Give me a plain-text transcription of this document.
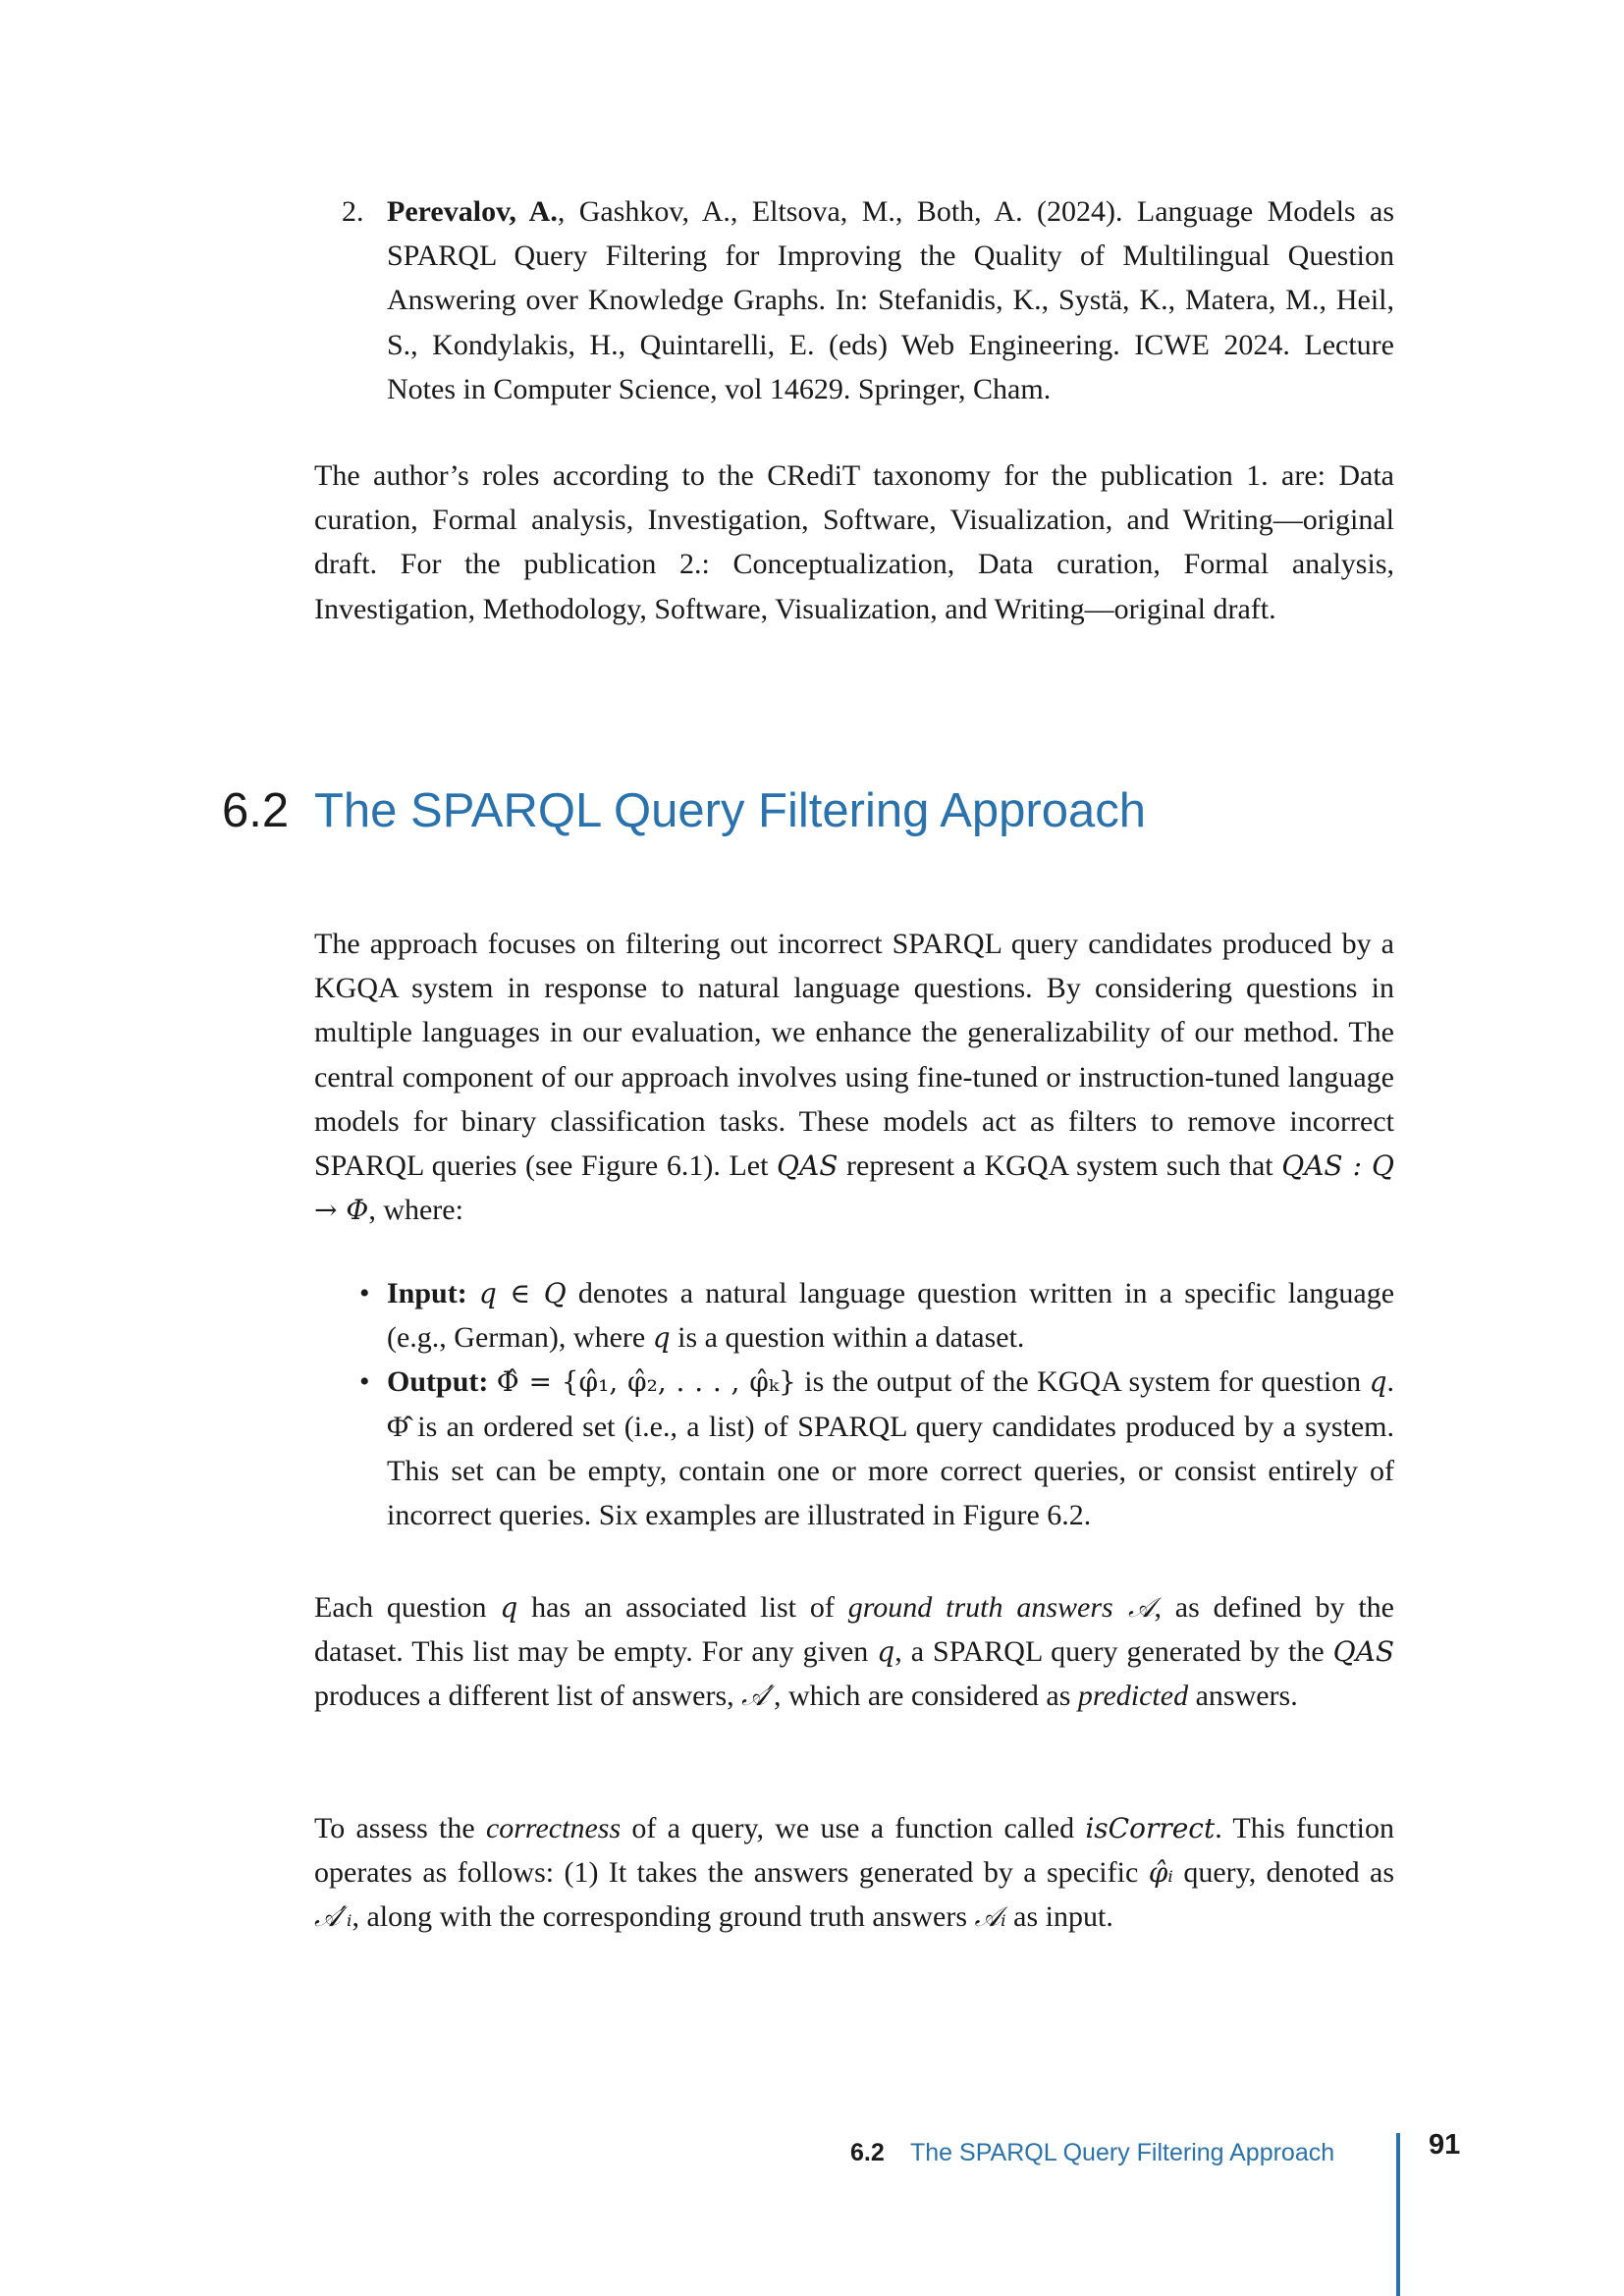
2. Perevalov, A., Gashkov, A., Eltsova, M., Both, A. (2024). Language Models as SPARQL Query Filtering for Improving the Quality of Multilingual Question Answering over Knowledge Graphs. In: Stefanidis, K., Systä, K., Matera, M., Heil, S., Kondylakis, H., Quintarelli, E. (eds) Web Engineering. ICWE 2024. Lecture Notes in Computer Science, vol 14629. Springer, Cham.

The author’s roles according to the CRediT taxonomy for the publication 1. are: Data curation, Formal analysis, Investigation, Software, Visualization, and Writing—original draft. For the publication 2.: Conceptualization, Data curation, Formal analysis, Investigation, Methodology, Software, Visualization, and Writing—original draft.

6.2 The SPARQL Query Filtering Approach

The approach focuses on filtering out incorrect SPARQL query candidates produced by a KGQA system in response to natural language questions. By considering questions in multiple languages in our evaluation, we enhance the generalizability of our method. The central component of our approach involves using fine-tuned or instruction-tuned language models for binary classification tasks. These models act as filters to remove incorrect SPARQL queries (see Figure 6.1). Let QAS represent a KGQA system such that QAS : Q → Φ, where:

• Input: q ∈ Q denotes a natural language question written in a specific language (e.g., German), where q is a question within a dataset.
• Output: Φ̂ = {φ̂₁, φ̂₂, . . . , φ̂ₖ} is the output of the KGQA system for question q. Φ̂ is an ordered set (i.e., a list) of SPARQL query candidates produced by a system. This set can be empty, contain one or more correct queries, or consist entirely of incorrect queries. Six examples are illustrated in Figure 6.2.

Each question q has an associated list of ground truth answers 𝒜, as defined by the dataset. This list may be empty. For any given q, a SPARQL query generated by the QAS produces a different list of answers, 𝒜′, which are considered as predicted answers.

To assess the correctness of a query, we use a function called isCorrect. This function operates as follows: (1) It takes the answers generated by a specific φ̂ᵢ query, denoted as 𝒜′ᵢ, along with the corresponding ground truth answers 𝒜ᵢ as input.

6.2 The SPARQL Query Filtering Approach	91
